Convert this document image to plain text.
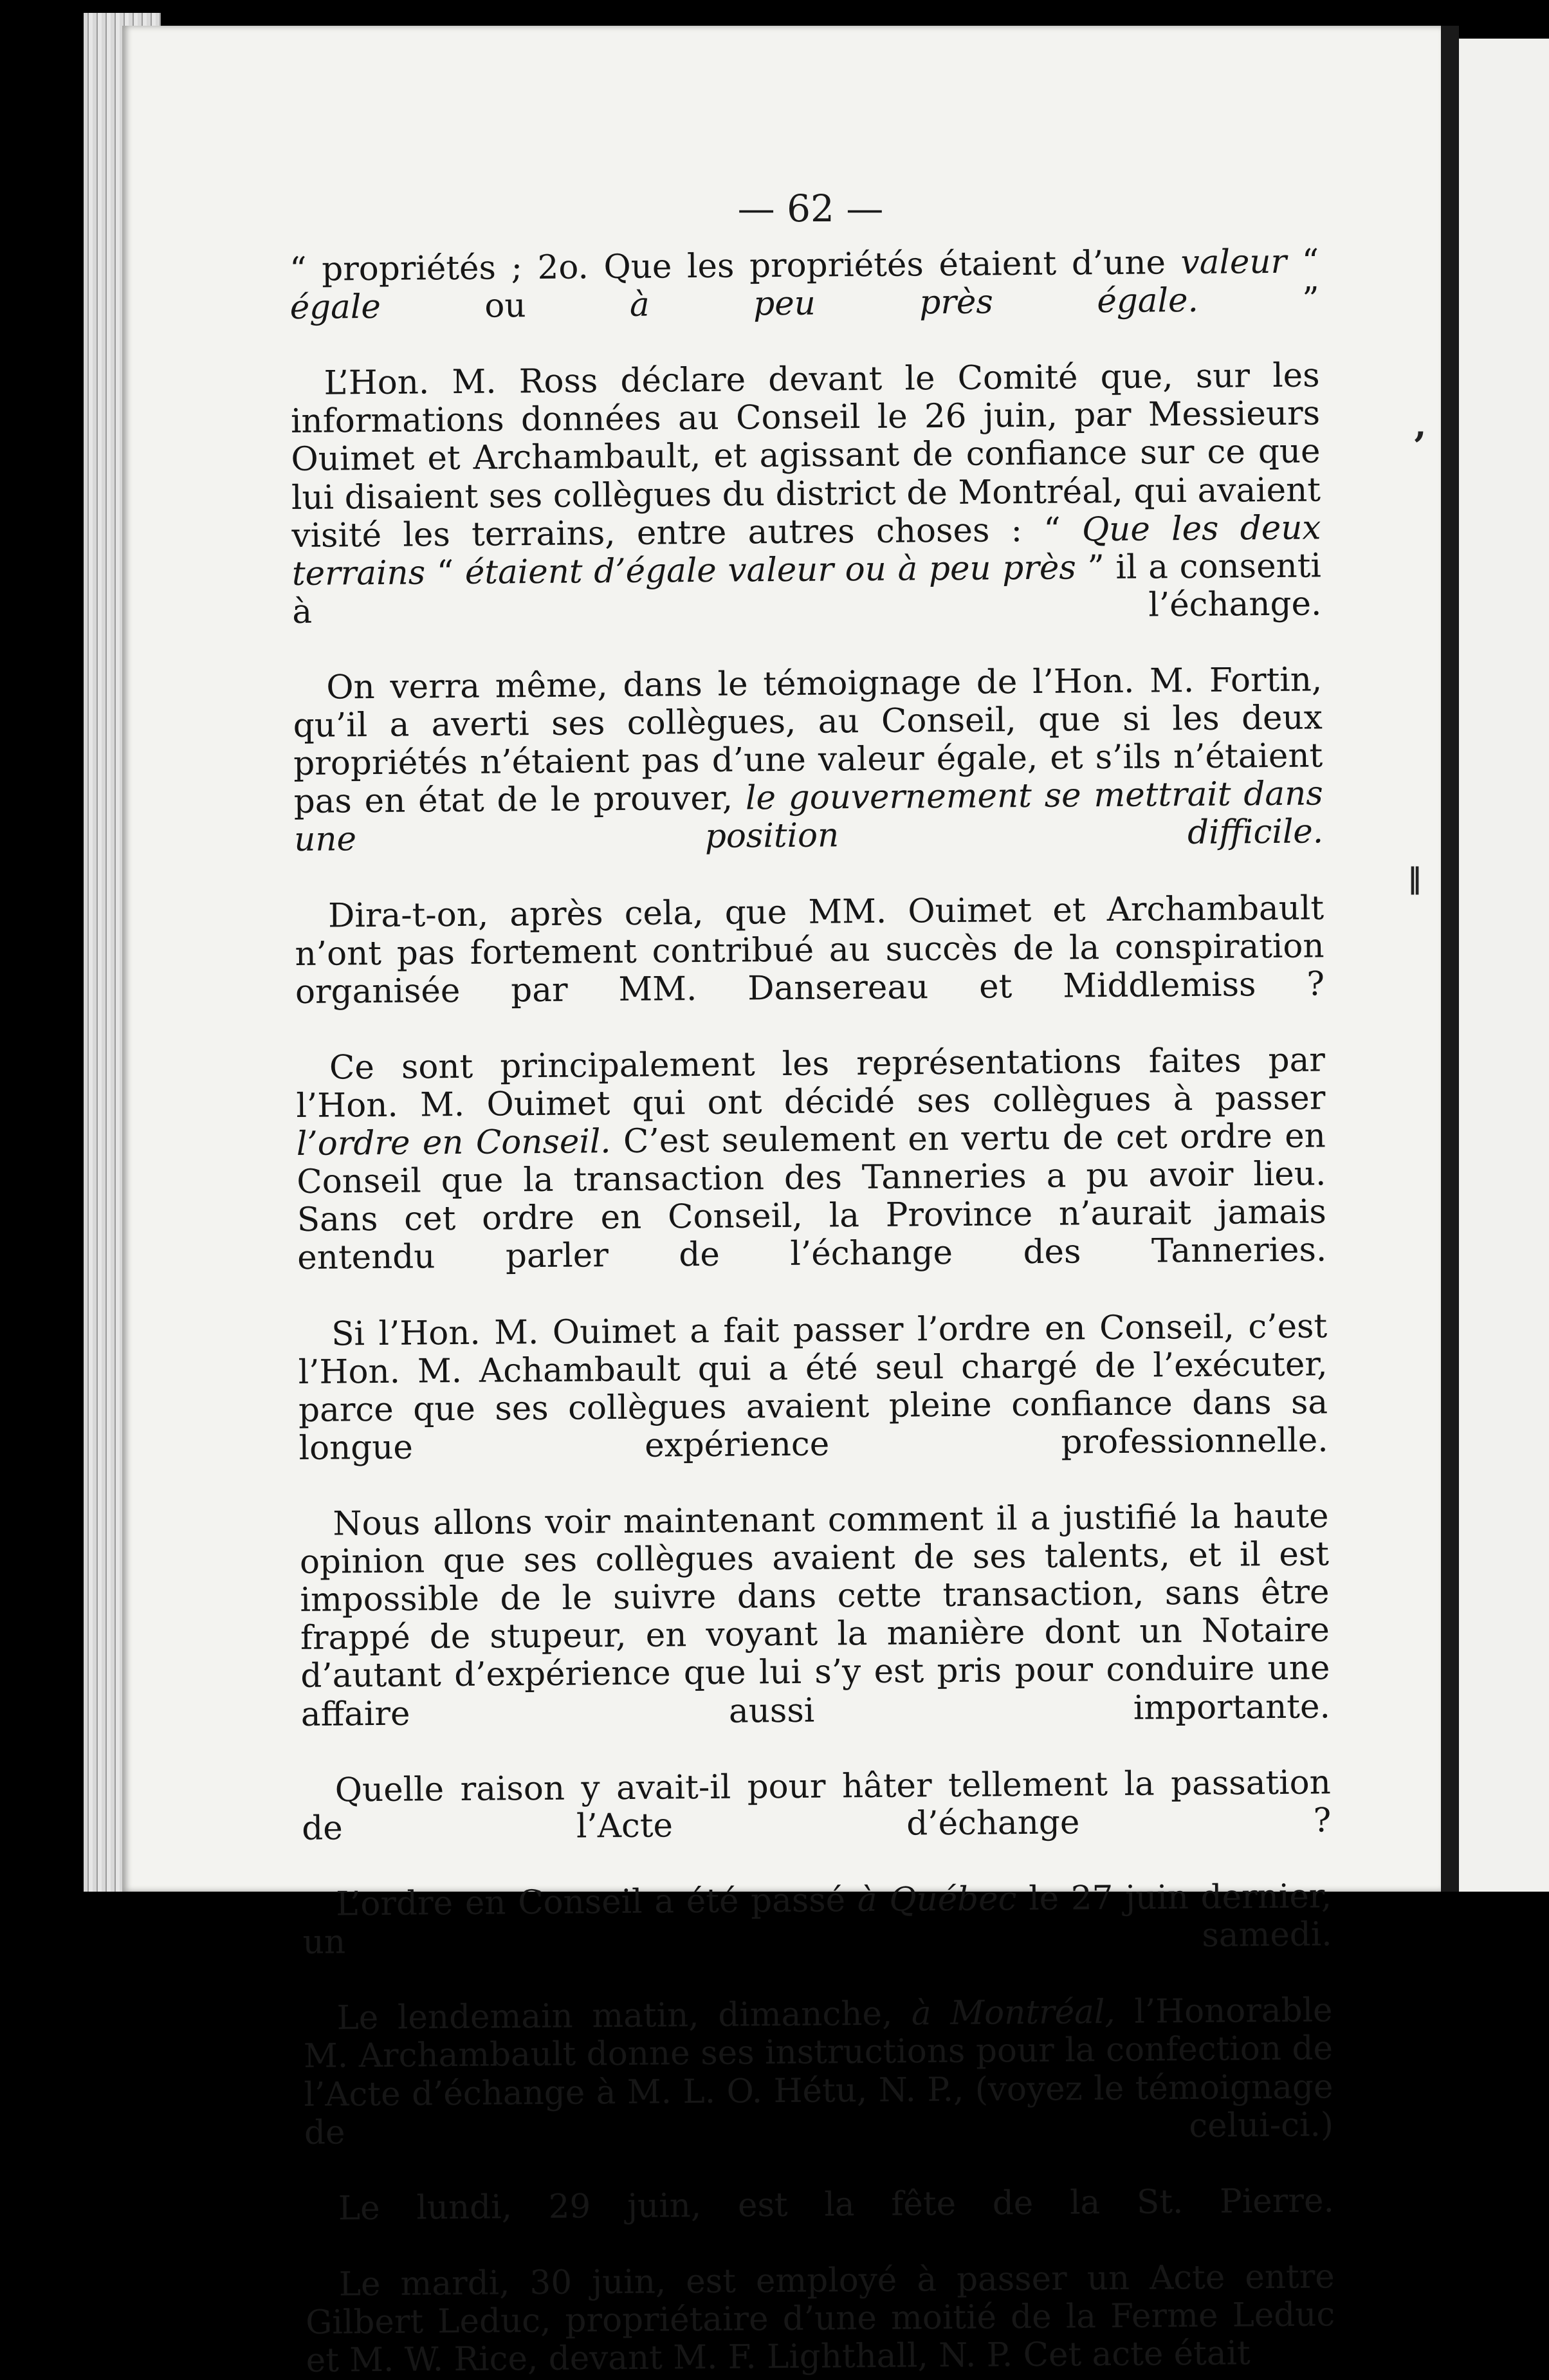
ʼ
‖
— 62 —

“ propriétés ; 2o. Que les propriétés étaient d’une valeur “ égale ou à peu près égale. ”

L’Hon. M. Ross déclare devant le Comité que, sur les informations données au Conseil le 26 juin, par Messieurs Ouimet et Archambault, et agissant de confiance sur ce que lui disaient ses collègues du district de Montréal, qui avaient visité les terrains, entre autres choses : “ Que les deux terrains “ étaient d’égale valeur ou à peu près ” il a consenti à l’échange.

On verra même, dans le témoignage de l’Hon. M. Fortin, qu’il a averti ses collègues, au Conseil, que si les deux propriétés n’étaient pas d’une valeur égale, et s’ils n’étaient pas en état de le prouver, le gouvernement se mettrait dans une position difficile.

Dira-t-on, après cela, que MM. Ouimet et Archambault n’ont pas fortement contribué au succès de la conspiration organisée par MM. Dansereau et Middlemiss ?

Ce sont principalement les représentations faites par l’Hon. M. Ouimet qui ont décidé ses collègues à passer l’ordre en Conseil. C’est seulement en vertu de cet ordre en Conseil que la transaction des Tanneries a pu avoir lieu. Sans cet ordre en Conseil, la Province n’aurait jamais entendu parler de l’échange des Tanneries.

Si l’Hon. M. Ouimet a fait passer l’ordre en Conseil, c’est l’Hon. M. Achambault qui a été seul chargé de l’exécuter, parce que ses collègues avaient pleine confiance dans sa longue expérience professionnelle.

Nous allons voir maintenant comment il a justifié la haute opinion que ses collègues avaient de ses talents, et il est impossible de le suivre dans cette transaction, sans être frappé de stupeur, en voyant la manière dont un Notaire d’autant d’expérience que lui s’y est pris pour conduire une affaire aussi importante.

Quelle raison y avait-il pour hâter tellement la passation de l’Acte d’échange ?

L’ordre en Conseil a été passé à Québec le 27 juin dernier, un samedi.

Le lendemain matin, dimanche, à Montréal, l’Honorable M. Archambault donne ses instructions pour la confection de l’Acte d’échange à M. L. O. Hétu, N. P., (voyez le témoignage de celui-ci.)

Le lundi, 29 juin, est la fête de la St. Pierre.

Le mardi, 30 juin, est employé à passer un Acte entre Gilbert Leduc, propriétaire d’une moitié de la Ferme Leduc et M. W. Rice, devant M. F. Lighthall, N. P. Cet acte était
